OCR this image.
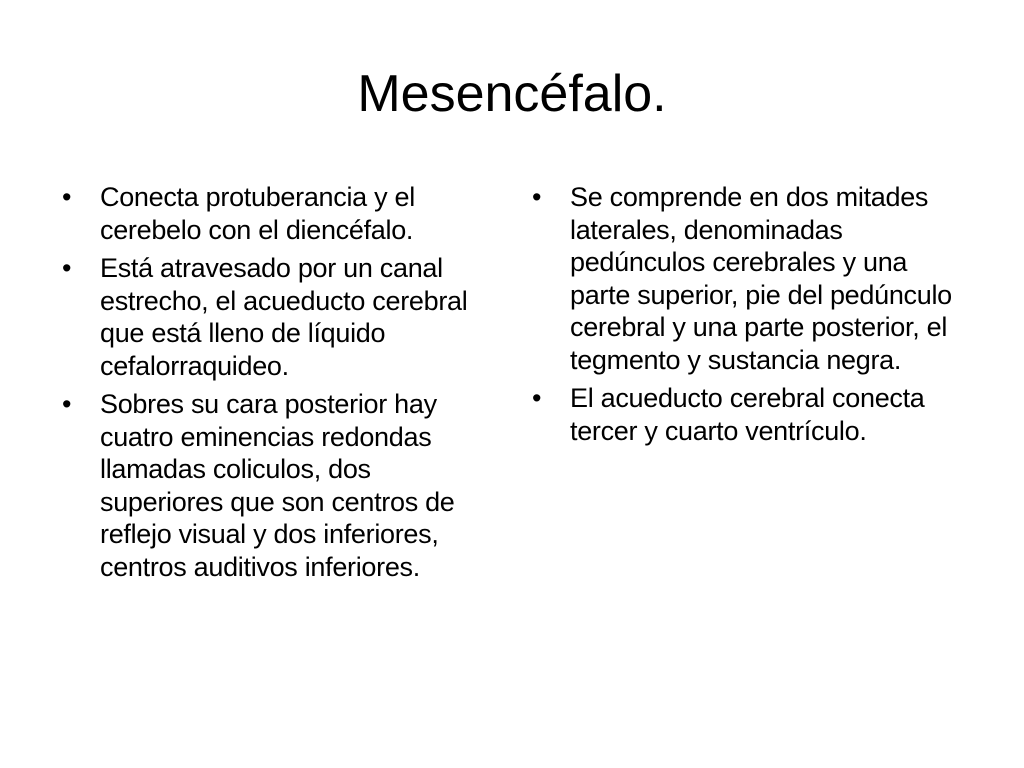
Mesencéfalo.
• Conecta protuberancia y el cerebelo con el diencéfalo.
• Está atravesado por un canal estrecho, el acueducto cerebral que está lleno de líquido cefalorraquideo.
• Sobres su cara posterior hay cuatro eminencias redondas llamadas coliculos, dos superiores que son centros de reflejo visual y dos inferiores, centros auditivos inferiores.
• Se comprende en dos mitades laterales, denominadas pedúnculos cerebrales y una parte superior, pie del pedúnculo cerebral y una parte posterior, el tegmento y sustancia negra.
• El acueducto cerebral conecta tercer y cuarto ventrículo.
